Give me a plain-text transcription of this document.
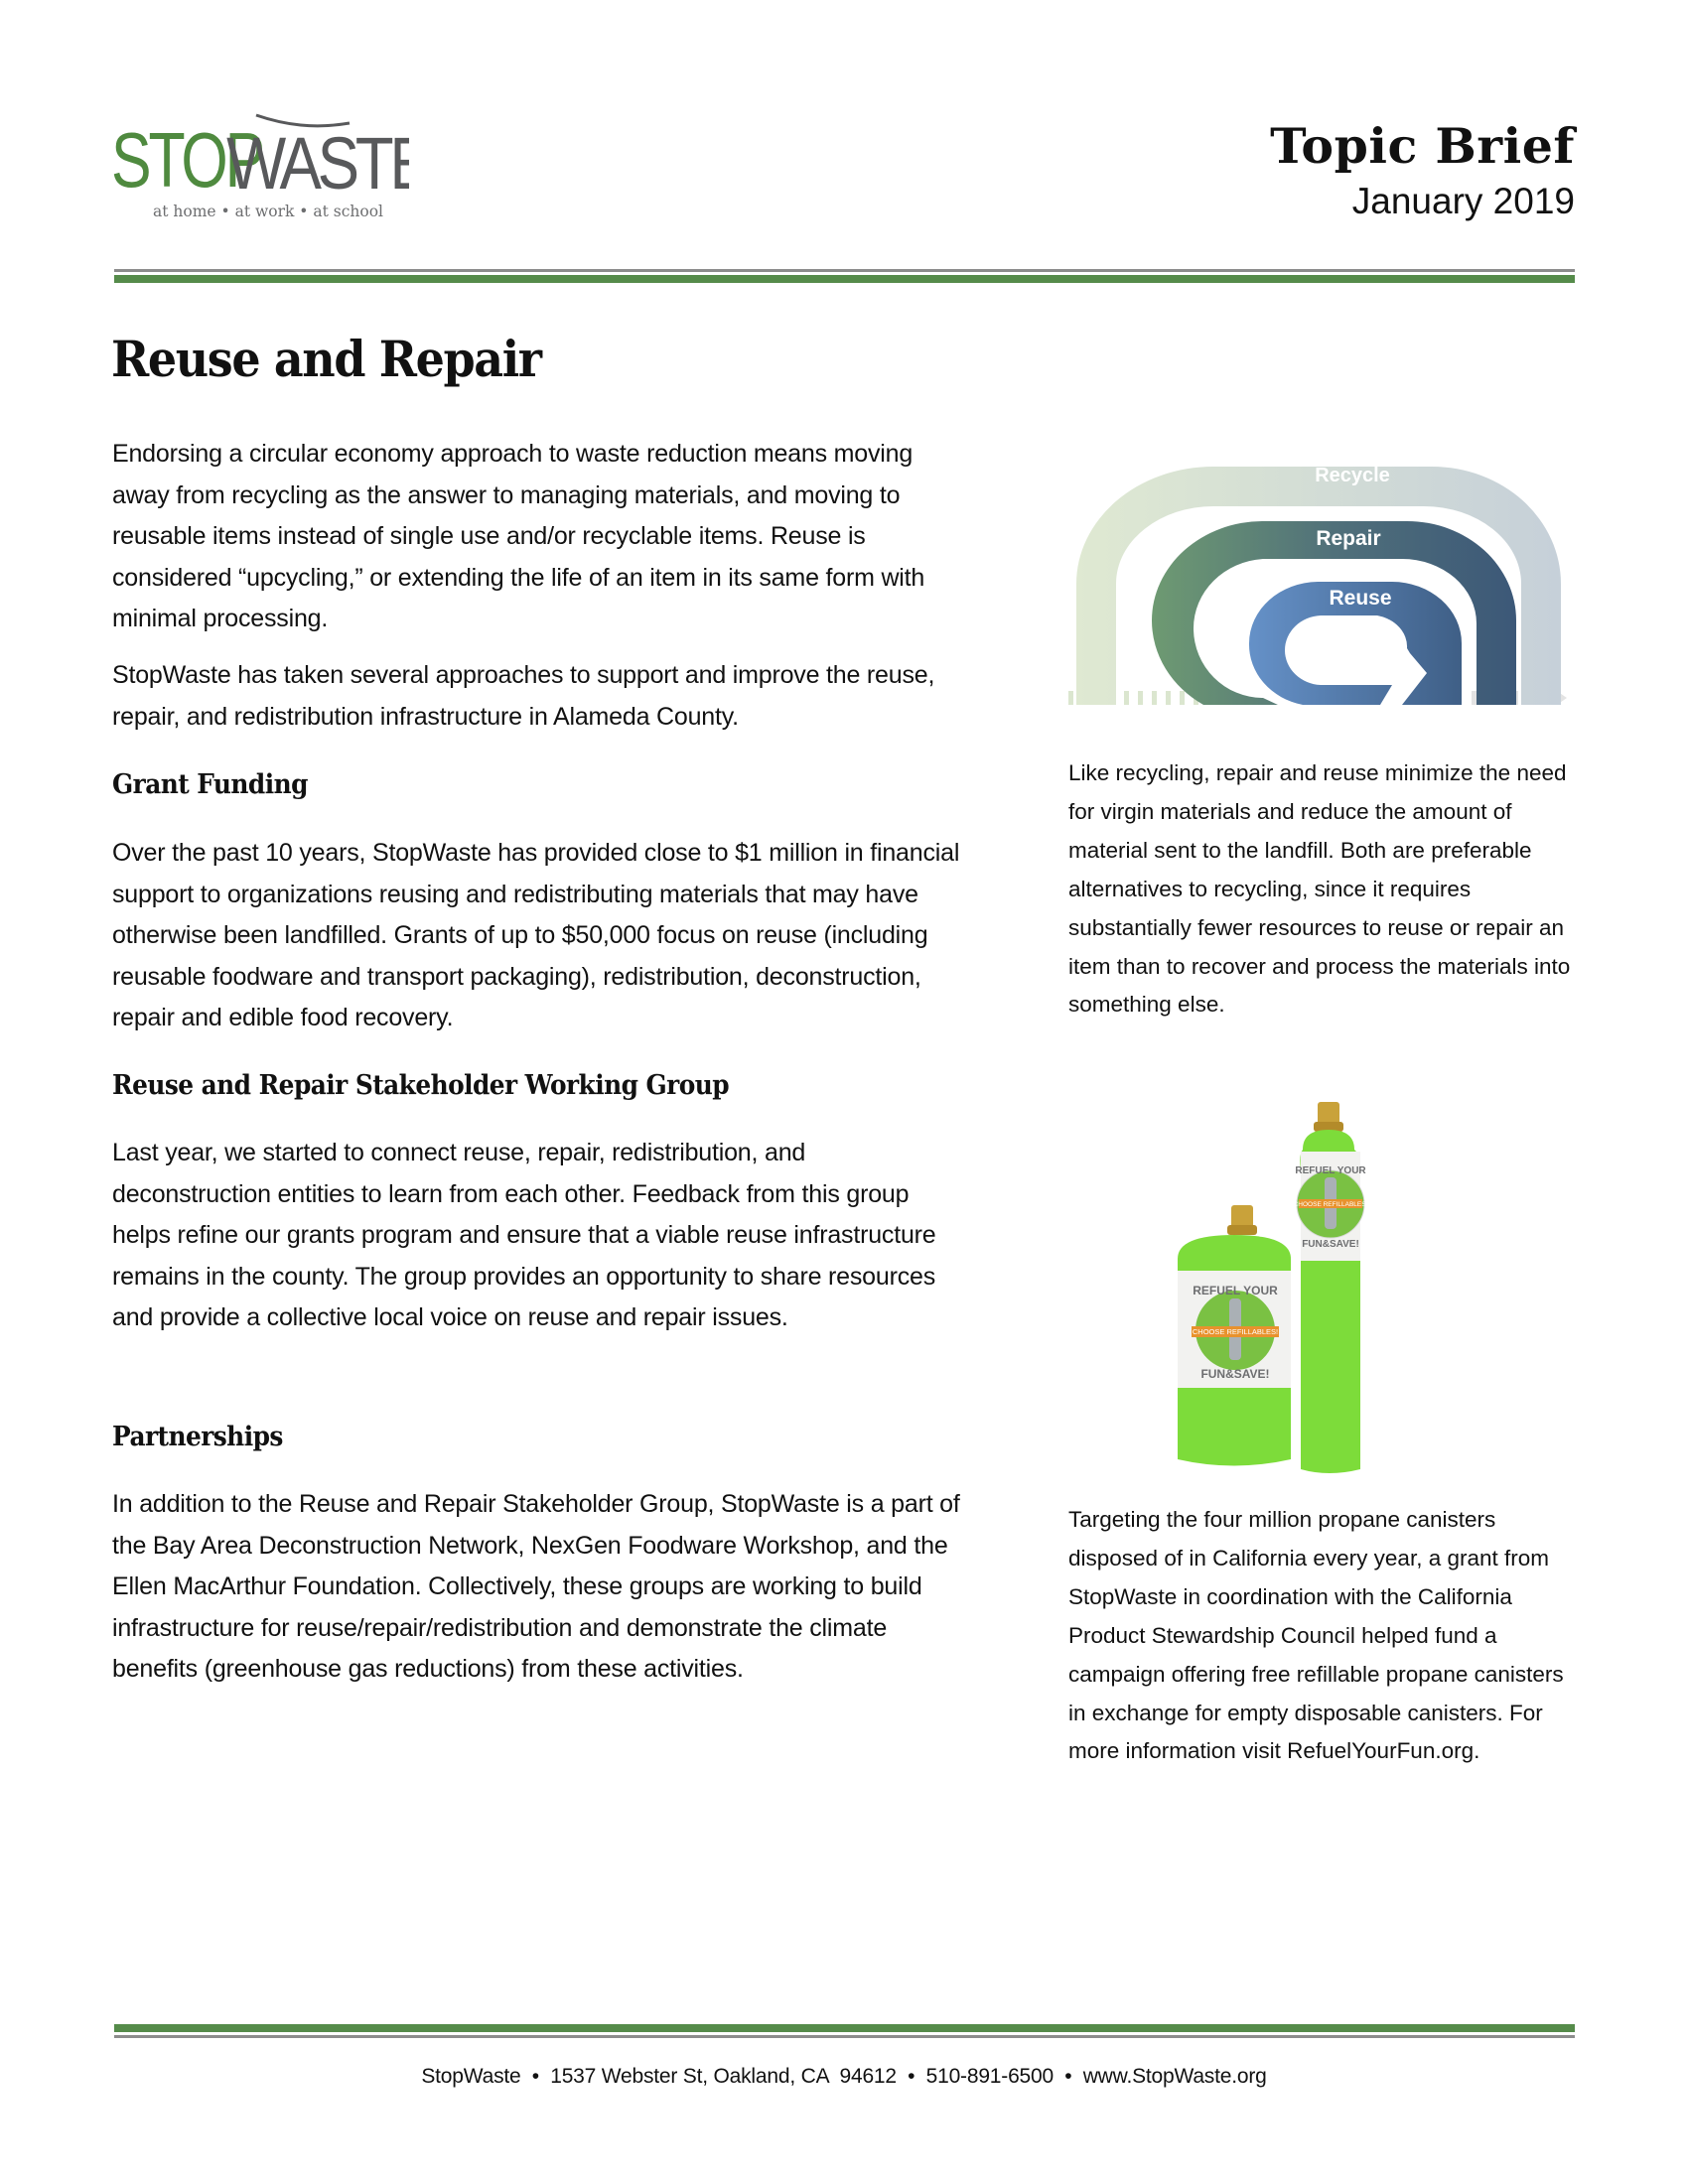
STOP
WASTE
at home • at work • at school
Topic Brief
January 2019
Reuse and Repair

Endorsing a circular economy approach to waste reduction means moving away from recycling as the answer to managing materials, and moving to reusable items instead of single use and/or recyclable items. Reuse is considered “upcycling,” or extending the life of an item in its same form with minimal processing.

StopWaste has taken several approaches to support and improve the reuse, repair, and redistribution infrastructure in Alameda County.

Grant Funding

Over the past 10 years, StopWaste has provided close to $1 million in financial support to organizations reusing and redistributing materials that may have otherwise been landfilled. Grants of up to $50,000 focus on reuse (including reusable foodware and transport packaging), redistribution, deconstruction, repair and edible food recovery.

Reuse and Repair Stakeholder Working Group

Last year, we started to connect reuse, repair, redistribution, and deconstruction entities to learn from each other. Feedback from this group helps refine our grants program and ensure that a viable reuse infrastructure remains in the county. The group provides an opportunity to share resources and provide a collective local voice on reuse and repair issues.

Partnerships

In addition to the Reuse and Repair Stakeholder Group, StopWaste is a part of the Bay Area Deconstruction Network, NexGen Foodware Workshop, and the Ellen MacArthur Foundation. Collectively, these groups are working to build infrastructure for reuse/repair/redistribution and demonstrate the climate benefits (greenhouse gas reductions) from these activities.

Recycle
Repair
Reuse

Like recycling, repair and reuse minimize the need for virgin materials and reduce the amount of material sent to the landfill. Both are preferable alternatives to recycling, since it requires substantially fewer resources to reuse or repair an item than to recover and process the materials into something else.

CHOOSE REFILLABLES!
REFUEL YOUR
FUN&SAVE!
CHOOSE REFILLABLES!
REFUEL YOUR
FUN&SAVE!

Targeting the four million propane canisters disposed of in California every year, a grant from StopWaste in coordination with the California Product Stewardship Council helped fund a campaign offering free refillable propane canisters in exchange for empty disposable canisters. For more information visit RefuelYourFun.org.

StopWaste • 1537 Webster St, Oakland, CA  94612 • 510-891-6500 • www.StopWaste.org
